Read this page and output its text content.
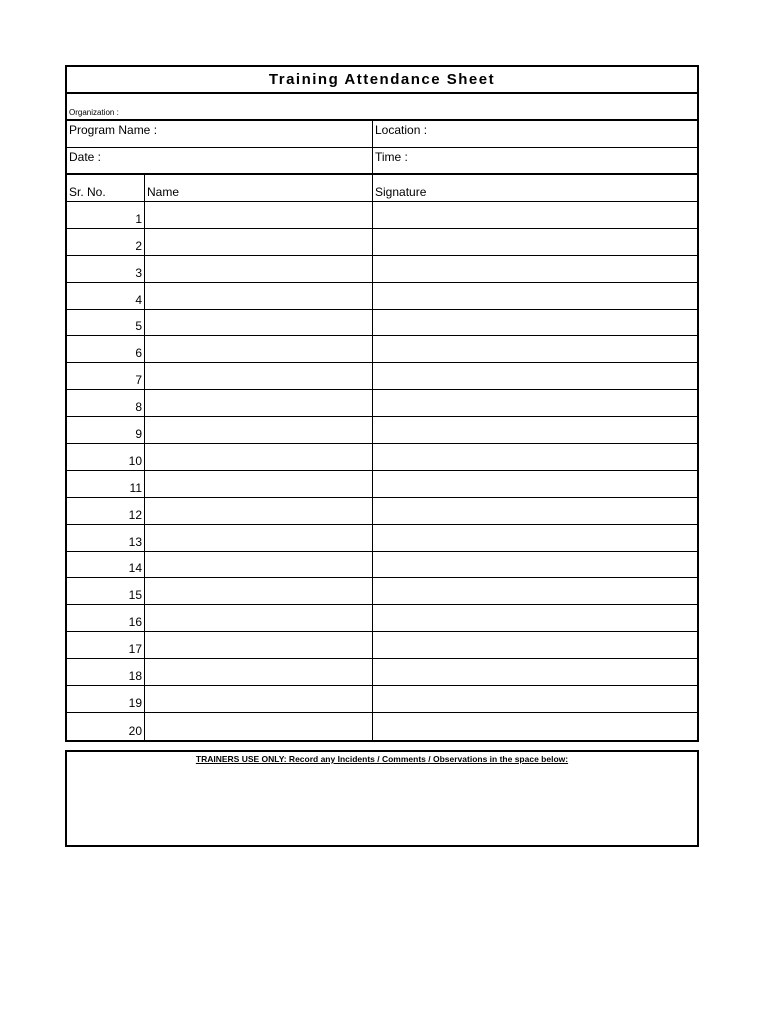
Training Attendance Sheet
Organization :
Program Name :	Location :
Date :	Time :
Sr. No.	Name	Signature
1
2
3
4
5
6
7
8
9
10
11
12
13
14
15
16
17
18
19
20
TRAINERS USE ONLY: Record any Incidents / Comments / Observations in the space below:
